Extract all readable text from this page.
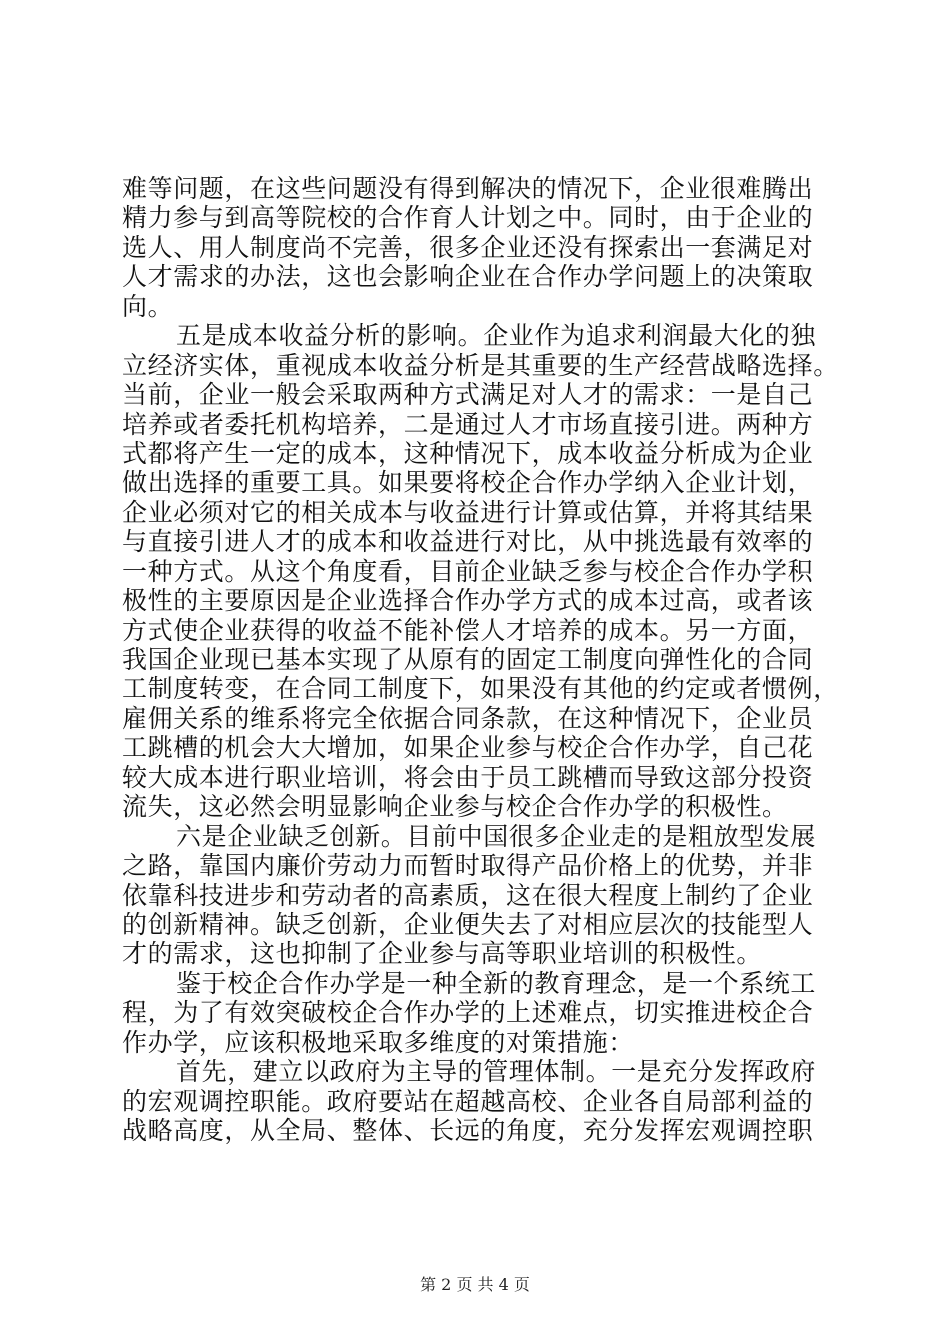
难等问题，在这些问题没有得到解决的情况下，企业很难腾出
精力参与到高等院校的合作育人计划之中。同时，由于企业的
选人、用人制度尚不完善，很多企业还没有探索出一套满足对
人才需求的办法，这也会影响企业在合作办学问题上的决策取
向。
五是成本收益分析的影响。企业作为追求利润最大化的独
立经济实体，重视成本收益分析是其重要的生产经营战略选择。
当前，企业一般会采取两种方式满足对人才的需求：一是自己
培养或者委托机构培养，二是通过人才市场直接引进。两种方
式都将产生一定的成本，这种情况下，成本收益分析成为企业
做出选择的重要工具。如果要将校企合作办学纳入企业计划，
企业必须对它的相关成本与收益进行计算或估算，并将其结果
与直接引进人才的成本和收益进行对比，从中挑选最有效率的
一种方式。从这个角度看，目前企业缺乏参与校企合作办学积
极性的主要原因是企业选择合作办学方式的成本过高，或者该
方式使企业获得的收益不能补偿人才培养的成本。另一方面，
我国企业现已基本实现了从原有的固定工制度向弹性化的合同
工制度转变，在合同工制度下，如果没有其他的约定或者惯例，
雇佣关系的维系将完全依据合同条款，在这种情况下，企业员
工跳槽的机会大大增加，如果企业参与校企合作办学，自己花
较大成本进行职业培训，将会由于员工跳槽而导致这部分投资
流失，这必然会明显影响企业参与校企合作办学的积极性。
六是企业缺乏创新。目前中国很多企业走的是粗放型发展
之路，靠国内廉价劳动力而暂时取得产品价格上的优势，并非
依靠科技进步和劳动者的高素质，这在很大程度上制约了企业
的创新精神。缺乏创新，企业便失去了对相应层次的技能型人
才的需求，这也抑制了企业参与高等职业培训的积极性。
鉴于校企合作办学是一种全新的教育理念，是一个系统工
程，为了有效突破校企合作办学的上述难点，切实推进校企合
作办学，应该积极地采取多维度的对策措施：
首先，建立以政府为主导的管理体制。一是充分发挥政府
的宏观调控职能。政府要站在超越高校、企业各自局部利益的
战略高度，从全局、整体、长远的角度，充分发挥宏观调控职
第 2 页 共 4 页
